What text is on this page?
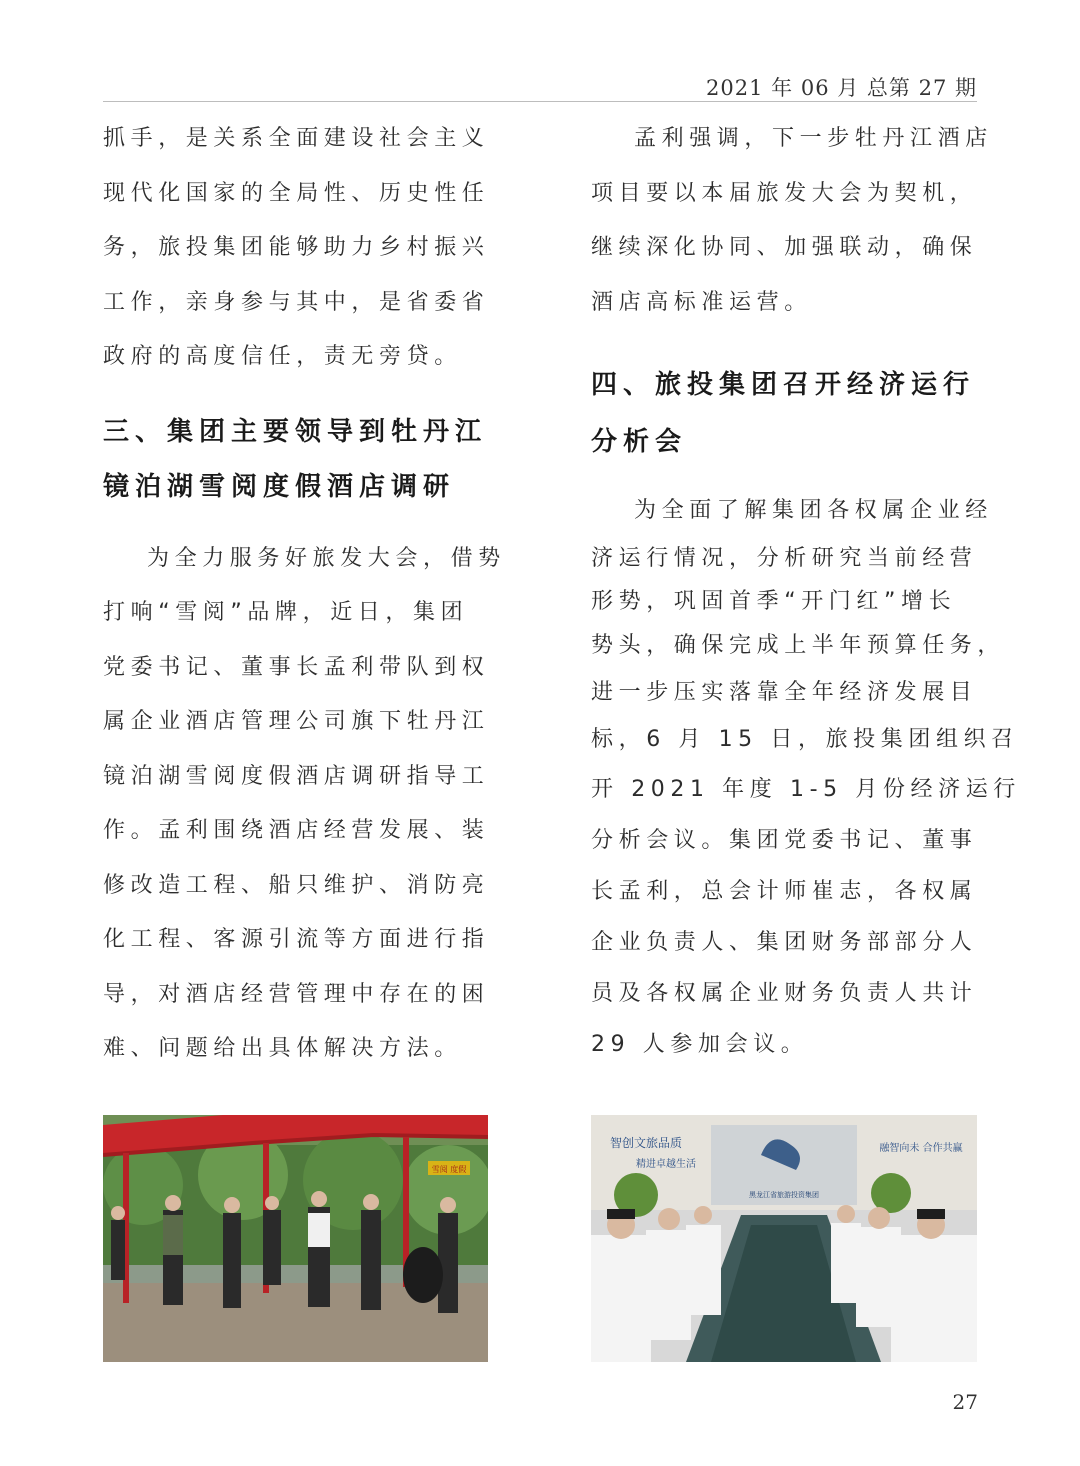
2021 年 06 月 总第 27 期
抓手，是关系全面建设社会主义
现代化国家的全局性、历史性任
务，旅投集团能够助力乡村振兴
工作，亲身参与其中，是省委省
政府的高度信任，责无旁贷。
三、集团主要领导到牡丹江
镜泊湖雪阅度假酒店调研
为全力服务好旅发大会，借势
打响“雪阅”品牌，近日，集团
党委书记、董事长孟利带队到权
属企业酒店管理公司旗下牡丹江
镜泊湖雪阅度假酒店调研指导工
作。孟利围绕酒店经营发展、装
修改造工程、船只维护、消防亮
化工程、客源引流等方面进行指
导，对酒店经营管理中存在的困
难、问题给出具体解决方法。
孟利强调，下一步牡丹江酒店
项目要以本届旅发大会为契机，
继续深化协同、加强联动，确保
酒店高标准运营。
四、旅投集团召开经济运行
分析会
为全面了解集团各权属企业经
济运行情况，分析研究当前经营
形势，巩固首季“开门红”增长
势头，确保完成上半年预算任务，
进一步压实落靠全年经济发展目
标，6 月 15 日，旅投集团组织召
开 2021 年度 1-5 月份经济运行
分析会议。集团党委书记、董事
长孟利，总会计师崔志，各权属
企业负责人、集团财务部部分人
员及各权属企业财务负责人共计
29 人参加会议。
雪阅 度假
黑龙江省旅游投资集团
智创文旅品质
精进卓越生活
融智向未 合作共赢
27
